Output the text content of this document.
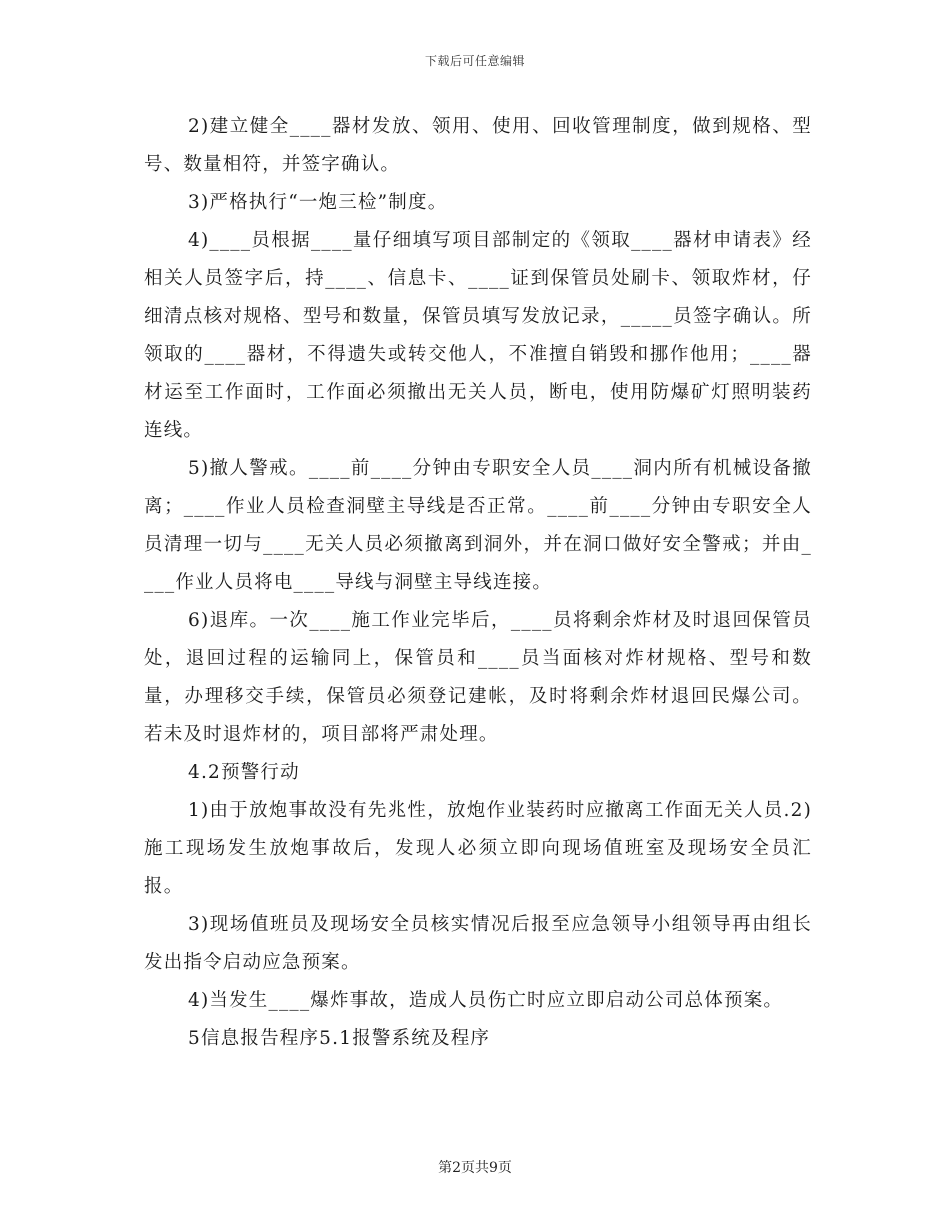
下载后可任意编辑

2)建立健全____器材发放、领用、使用、回收管理制度，做到规格、型号、数量相符，并签字确认。

3)严格执行“一炮三检”制度。

4)____员根据____量仔细填写项目部制定的《领取____器材申请表》经相关人员签字后，持____、信息卡、____证到保管员处刷卡、领取炸材，仔细清点核对规格、型号和数量，保管员填写发放记录，_____员签字确认。所领取的____器材，不得遗失或转交他人，不准擅自销毁和挪作他用；____器材运至工作面时，工作面必须撤出无关人员，断电，使用防爆矿灯照明装药连线。

5)撤人警戒。____前____分钟由专职安全人员____洞内所有机械设备撤离；____作业人员检查洞壁主导线是否正常。____前____分钟由专职安全人员清理一切与____无关人员必须撤离到洞外，并在洞口做好安全警戒；并由____作业人员将电____导线与洞壁主导线连接。

6)退库。一次____施工作业完毕后，____员将剩余炸材及时退回保管员处，退回过程的运输同上，保管员和____员当面核对炸材规格、型号和数量，办理移交手续，保管员必须登记建帐，及时将剩余炸材退回民爆公司。若未及时退炸材的，项目部将严肃处理。

4.2预警行动

1)由于放炮事故没有先兆性，放炮作业装药时应撤离工作面无关人员.2)施工现场发生放炮事故后，发现人必须立即向现场值班室及现场安全员汇报。

3)现场值班员及现场安全员核实情况后报至应急领导小组领导再由组长发出指令启动应急预案。

4)当发生____爆炸事故，造成人员伤亡时应立即启动公司总体预案。

5信息报告程序5.1报警系统及程序

第2页共9页
